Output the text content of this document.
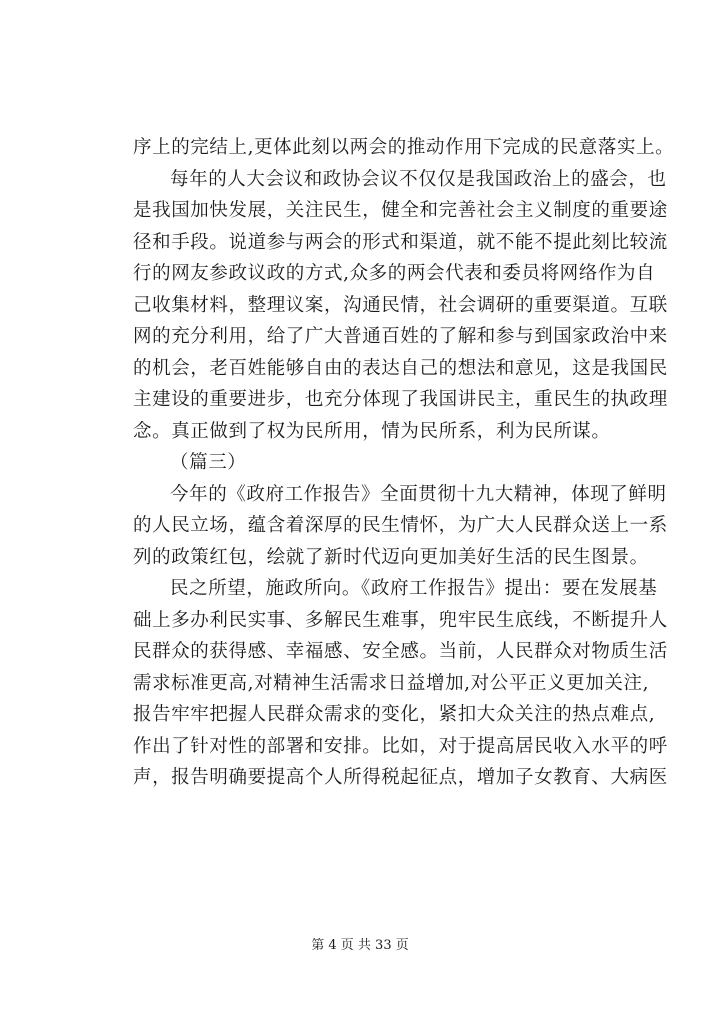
序上的完结上,更体此刻以两会的推动作用下完成的民意落实上。
每年的人大会议和政协会议不仅仅是我国政治上的盛会，也
是我国加快发展，关注民生，健全和完善社会主义制度的重要途
径和手段。说道参与两会的形式和渠道，就不能不提此刻比较流
行的网友参政议政的方式,众多的两会代表和委员将网络作为自
己收集材料，整理议案，沟通民情，社会调研的重要渠道。互联
网的充分利用，给了广大普通百姓的了解和参与到国家政治中来
的机会，老百姓能够自由的表达自己的想法和意见，这是我国民
主建设的重要进步，也充分体现了我国讲民主，重民生的执政理
念。真正做到了权为民所用，情为民所系，利为民所谋。
（篇三）
今年的《政府工作报告》全面贯彻十九大精神，体现了鲜明
的人民立场，蕴含着深厚的民生情怀，为广大人民群众送上一系
列的政策红包，绘就了新时代迈向更加美好生活的民生图景。
民之所望，施政所向。《政府工作报告》提出：要在发展基
础上多办利民实事、多解民生难事，兜牢民生底线，不断提升人
民群众的获得感、幸福感、安全感。当前，人民群众对物质生活
需求标准更高,对精神生活需求日益增加,对公平正义更加关注,
报告牢牢把握人民群众需求的变化，紧扣大众关注的热点难点,
作出了针对性的部署和安排。比如，对于提高居民收入水平的呼
声，报告明确要提高个人所得税起征点，增加子女教育、大病医
第 4 页 共 33 页
